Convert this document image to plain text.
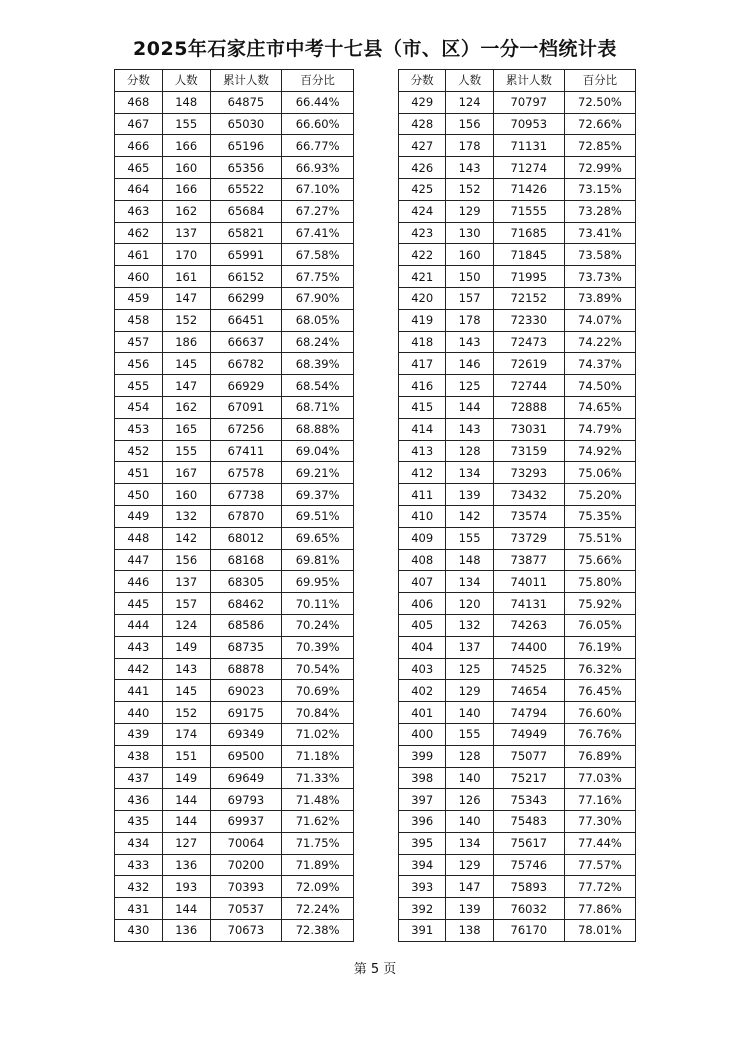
2025年石家庄市中考十七县（市、区）一分一档统计表
分数	人数	累计人数	百分比
468	148	64875	66.44%
467	155	65030	66.60%
466	166	65196	66.77%
465	160	65356	66.93%
464	166	65522	67.10%
463	162	65684	67.27%
462	137	65821	67.41%
461	170	65991	67.58%
460	161	66152	67.75%
459	147	66299	67.90%
458	152	66451	68.05%
457	186	66637	68.24%
456	145	66782	68.39%
455	147	66929	68.54%
454	162	67091	68.71%
453	165	67256	68.88%
452	155	67411	69.04%
451	167	67578	69.21%
450	160	67738	69.37%
449	132	67870	69.51%
448	142	68012	69.65%
447	156	68168	69.81%
446	137	68305	69.95%
445	157	68462	70.11%
444	124	68586	70.24%
443	149	68735	70.39%
442	143	68878	70.54%
441	145	69023	70.69%
440	152	69175	70.84%
439	174	69349	71.02%
438	151	69500	71.18%
437	149	69649	71.33%
436	144	69793	71.48%
435	144	69937	71.62%
434	127	70064	71.75%
433	136	70200	71.89%
432	193	70393	72.09%
431	144	70537	72.24%
430	136	70673	72.38%
分数	人数	累计人数	百分比
429	124	70797	72.50%
428	156	70953	72.66%
427	178	71131	72.85%
426	143	71274	72.99%
425	152	71426	73.15%
424	129	71555	73.28%
423	130	71685	73.41%
422	160	71845	73.58%
421	150	71995	73.73%
420	157	72152	73.89%
419	178	72330	74.07%
418	143	72473	74.22%
417	146	72619	74.37%
416	125	72744	74.50%
415	144	72888	74.65%
414	143	73031	74.79%
413	128	73159	74.92%
412	134	73293	75.06%
411	139	73432	75.20%
410	142	73574	75.35%
409	155	73729	75.51%
408	148	73877	75.66%
407	134	74011	75.80%
406	120	74131	75.92%
405	132	74263	76.05%
404	137	74400	76.19%
403	125	74525	76.32%
402	129	74654	76.45%
401	140	74794	76.60%
400	155	74949	76.76%
399	128	75077	76.89%
398	140	75217	77.03%
397	126	75343	77.16%
396	140	75483	77.30%
395	134	75617	77.44%
394	129	75746	77.57%
393	147	75893	77.72%
392	139	76032	77.86%
391	138	76170	78.01%
第 5 页
